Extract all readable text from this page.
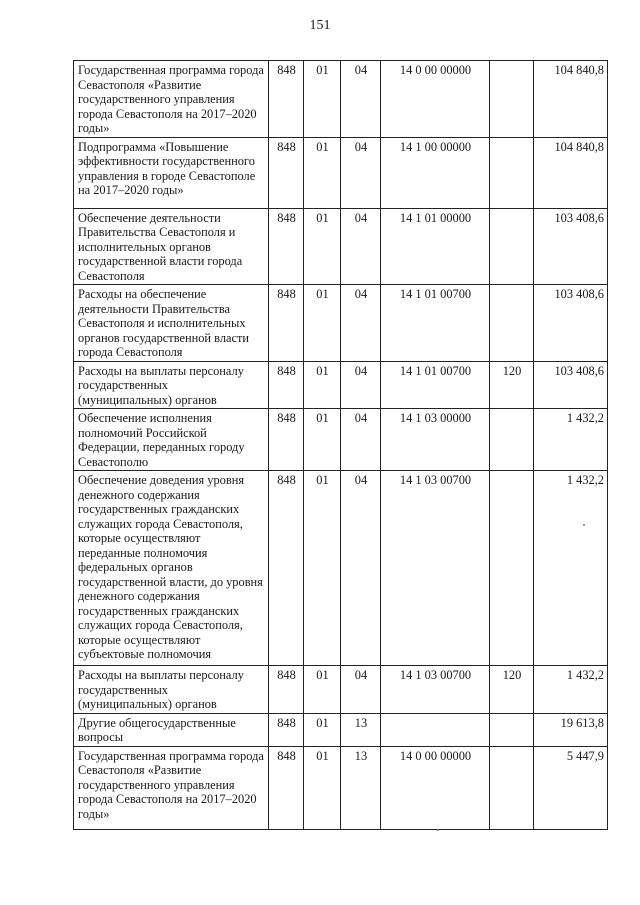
151
Государственная программа города Севастополя «Развитие государственного управления города Севастополя на 2017–2020 годы»	848	01	04	14 0 00 00000		104 840,8
Подпрограмма «Повышение эффективности государственного управления в городе Севастополе на 2017–2020 годы»	848	01	04	14 1 00 00000		104 840,8
Обеспечение деятельности Правительства Севастополя и исполнительных органов государственной власти города Севастополя	848	01	04	14 1 01 00000		103 408,6
Расходы на обеспечение деятельности Правительства Севастополя и исполнительных органов государственной власти города Севастополя	848	01	04	14 1 01 00700		103 408,6
Расходы на выплаты персоналу государственных (муниципальных) органов	848	01	04	14 1 01 00700	120	103 408,6
Обеспечение исполнения полномочий Российской Федерации, переданных городу Севастополю	848	01	04	14 1 03 00000		1 432,2
Обеспечение доведения уровня денежного содержания государственных гражданских служащих города Севастополя, которые осуществляют переданные полномочия федеральных органов государственной власти, до уровня денежного содержания государственных гражданских служащих города Севастополя, которые осуществляют субъектовые полномочия	848	01	04	14 1 03 00700		1 432,2
Расходы на выплаты персоналу государственных (муниципальных) органов	848	01	04	14 1 03 00700	120	1 432,2
Другие общегосударственные вопросы	848	01	13			19 613,8
Государственная программа города Севастополя «Развитие государственного управления города Севастополя на 2017–2020 годы»	848	01	13	14 0 00 00000		5 447,9
